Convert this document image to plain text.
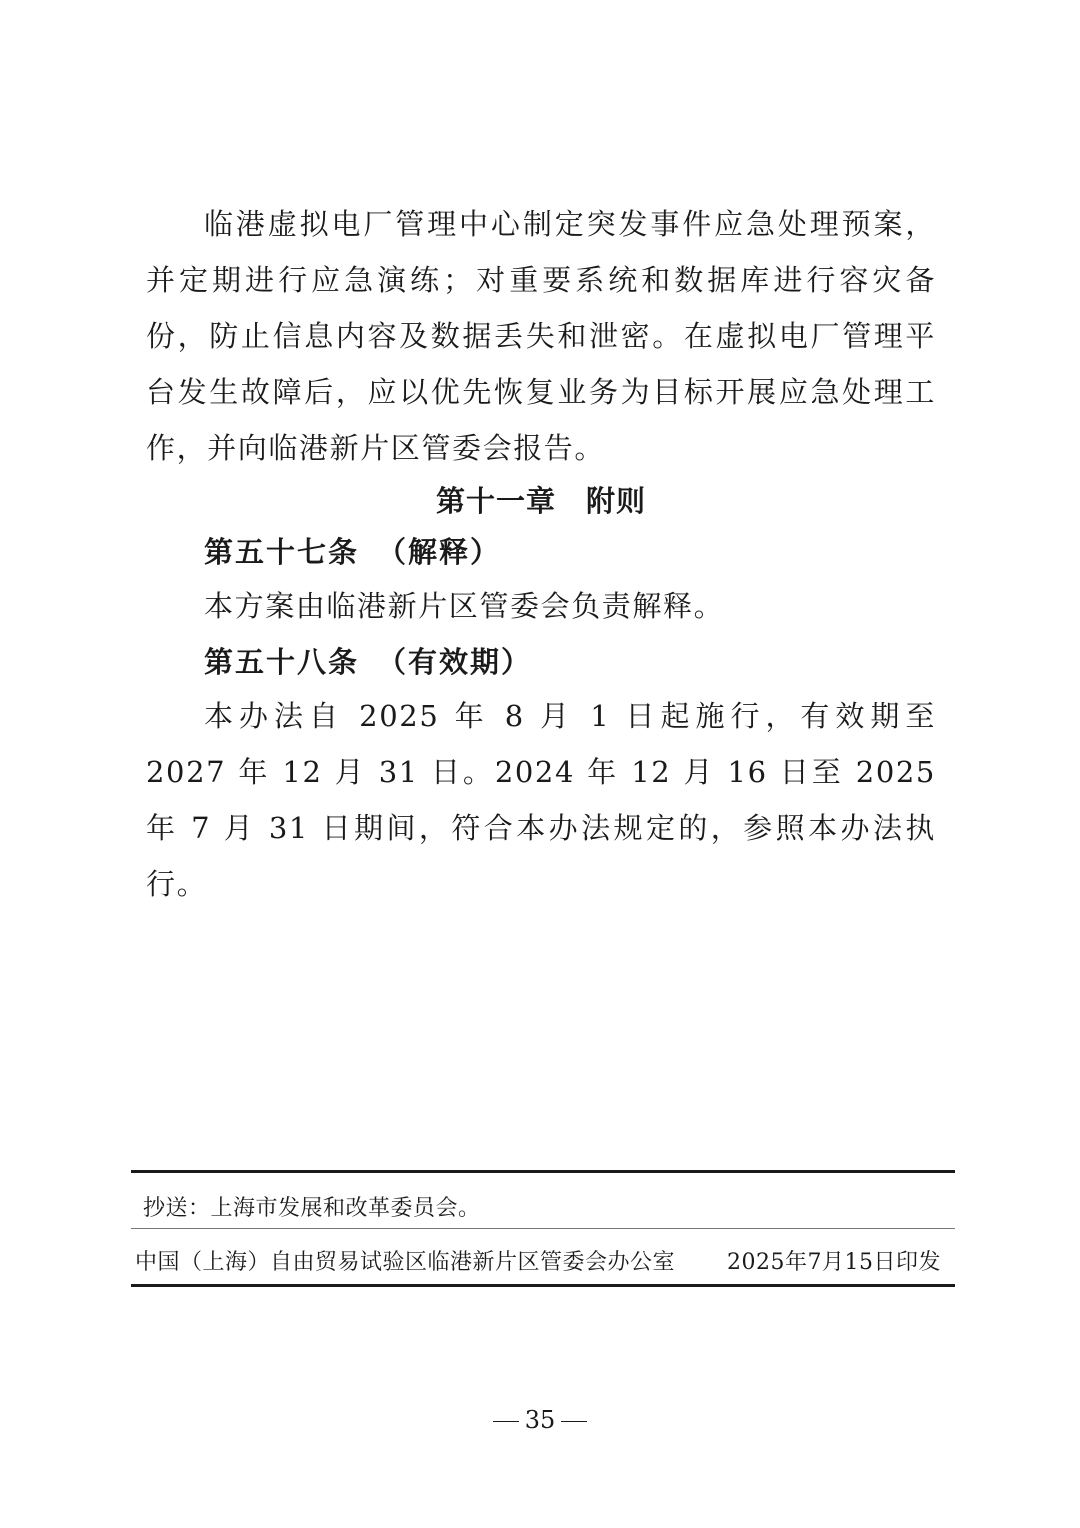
临港虚拟电厂管理中心制定突发事件应急处理预案，并定期进行应急演练；对重要系统和数据库进行容灾备份，防止信息内容及数据丢失和泄密。在虚拟电厂管理平台发生故障后，应以优先恢复业务为目标开展应急处理工作，并向临港新片区管委会报告。

第十一章 附则
第五十七条 （解释）
本方案由临港新片区管委会负责解释。
第五十八条 （有效期）

本办法自 2025 年 8 月 1 日起施行，有效期至 2027 年 12 月 31 日。2024 年 12 月 16 日至 2025 年 7 月 31 日期间，符合本办法规定的，参照本办法执行。

抄送：上海市发展和改革委员会。
中国（上海）自由贸易试验区临港新片区管委会办公室 2025年7月15日印发
35
